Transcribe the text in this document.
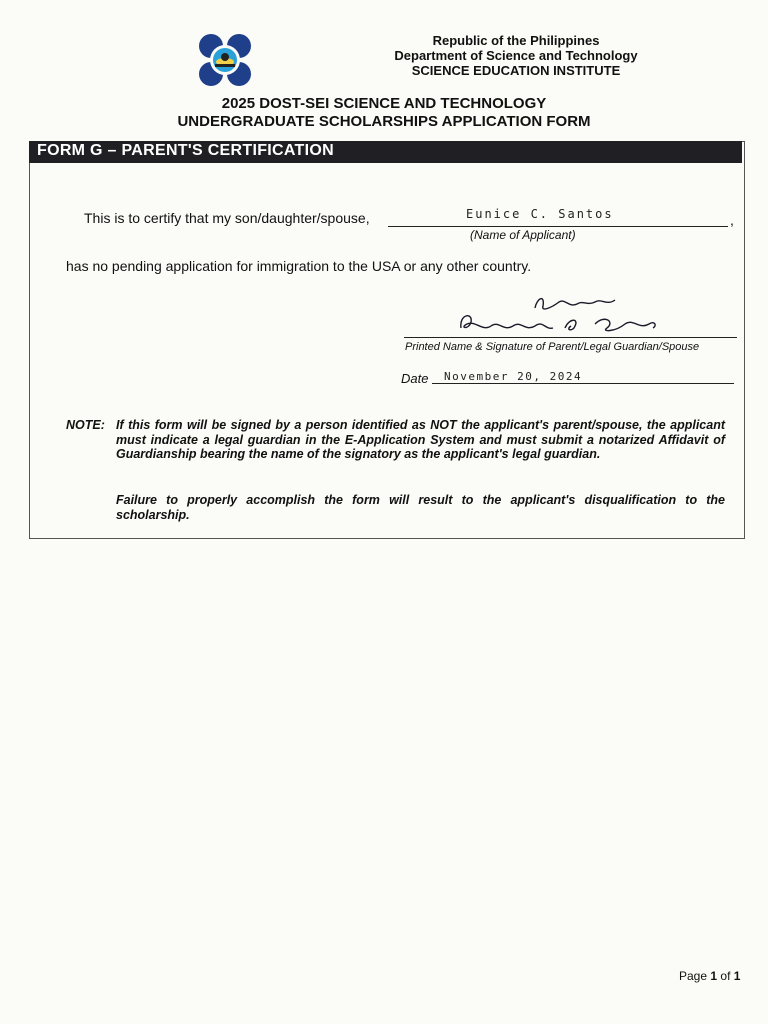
Republic of the Philippines
Department of Science and Technology
SCIENCE EDUCATION INSTITUTE
2025 DOST-SEI SCIENCE AND TECHNOLOGY
UNDERGRADUATE SCHOLARSHIPS APPLICATION FORM
FORM G – PARENT'S CERTIFICATION
This is to certify that my son/daughter/spouse,	,
Eunice C. Santos
(Name of Applicant)
has no pending application for immigration to the USA or any other country.
Printed Name & Signature of Parent/Legal Guardian/Spouse
Date November 20, 2024
NOTE: If this form will be signed by a person identified as NOT the applicant's parent/spouse, the applicant must indicate a legal guardian in the E-Application System and must submit a notarized Affidavit of Guardianship bearing the name of the signatory as the applicant's legal guardian.
Failure to properly accomplish the form will result to the applicant's disqualification to the scholarship.
Page 1 of 1
